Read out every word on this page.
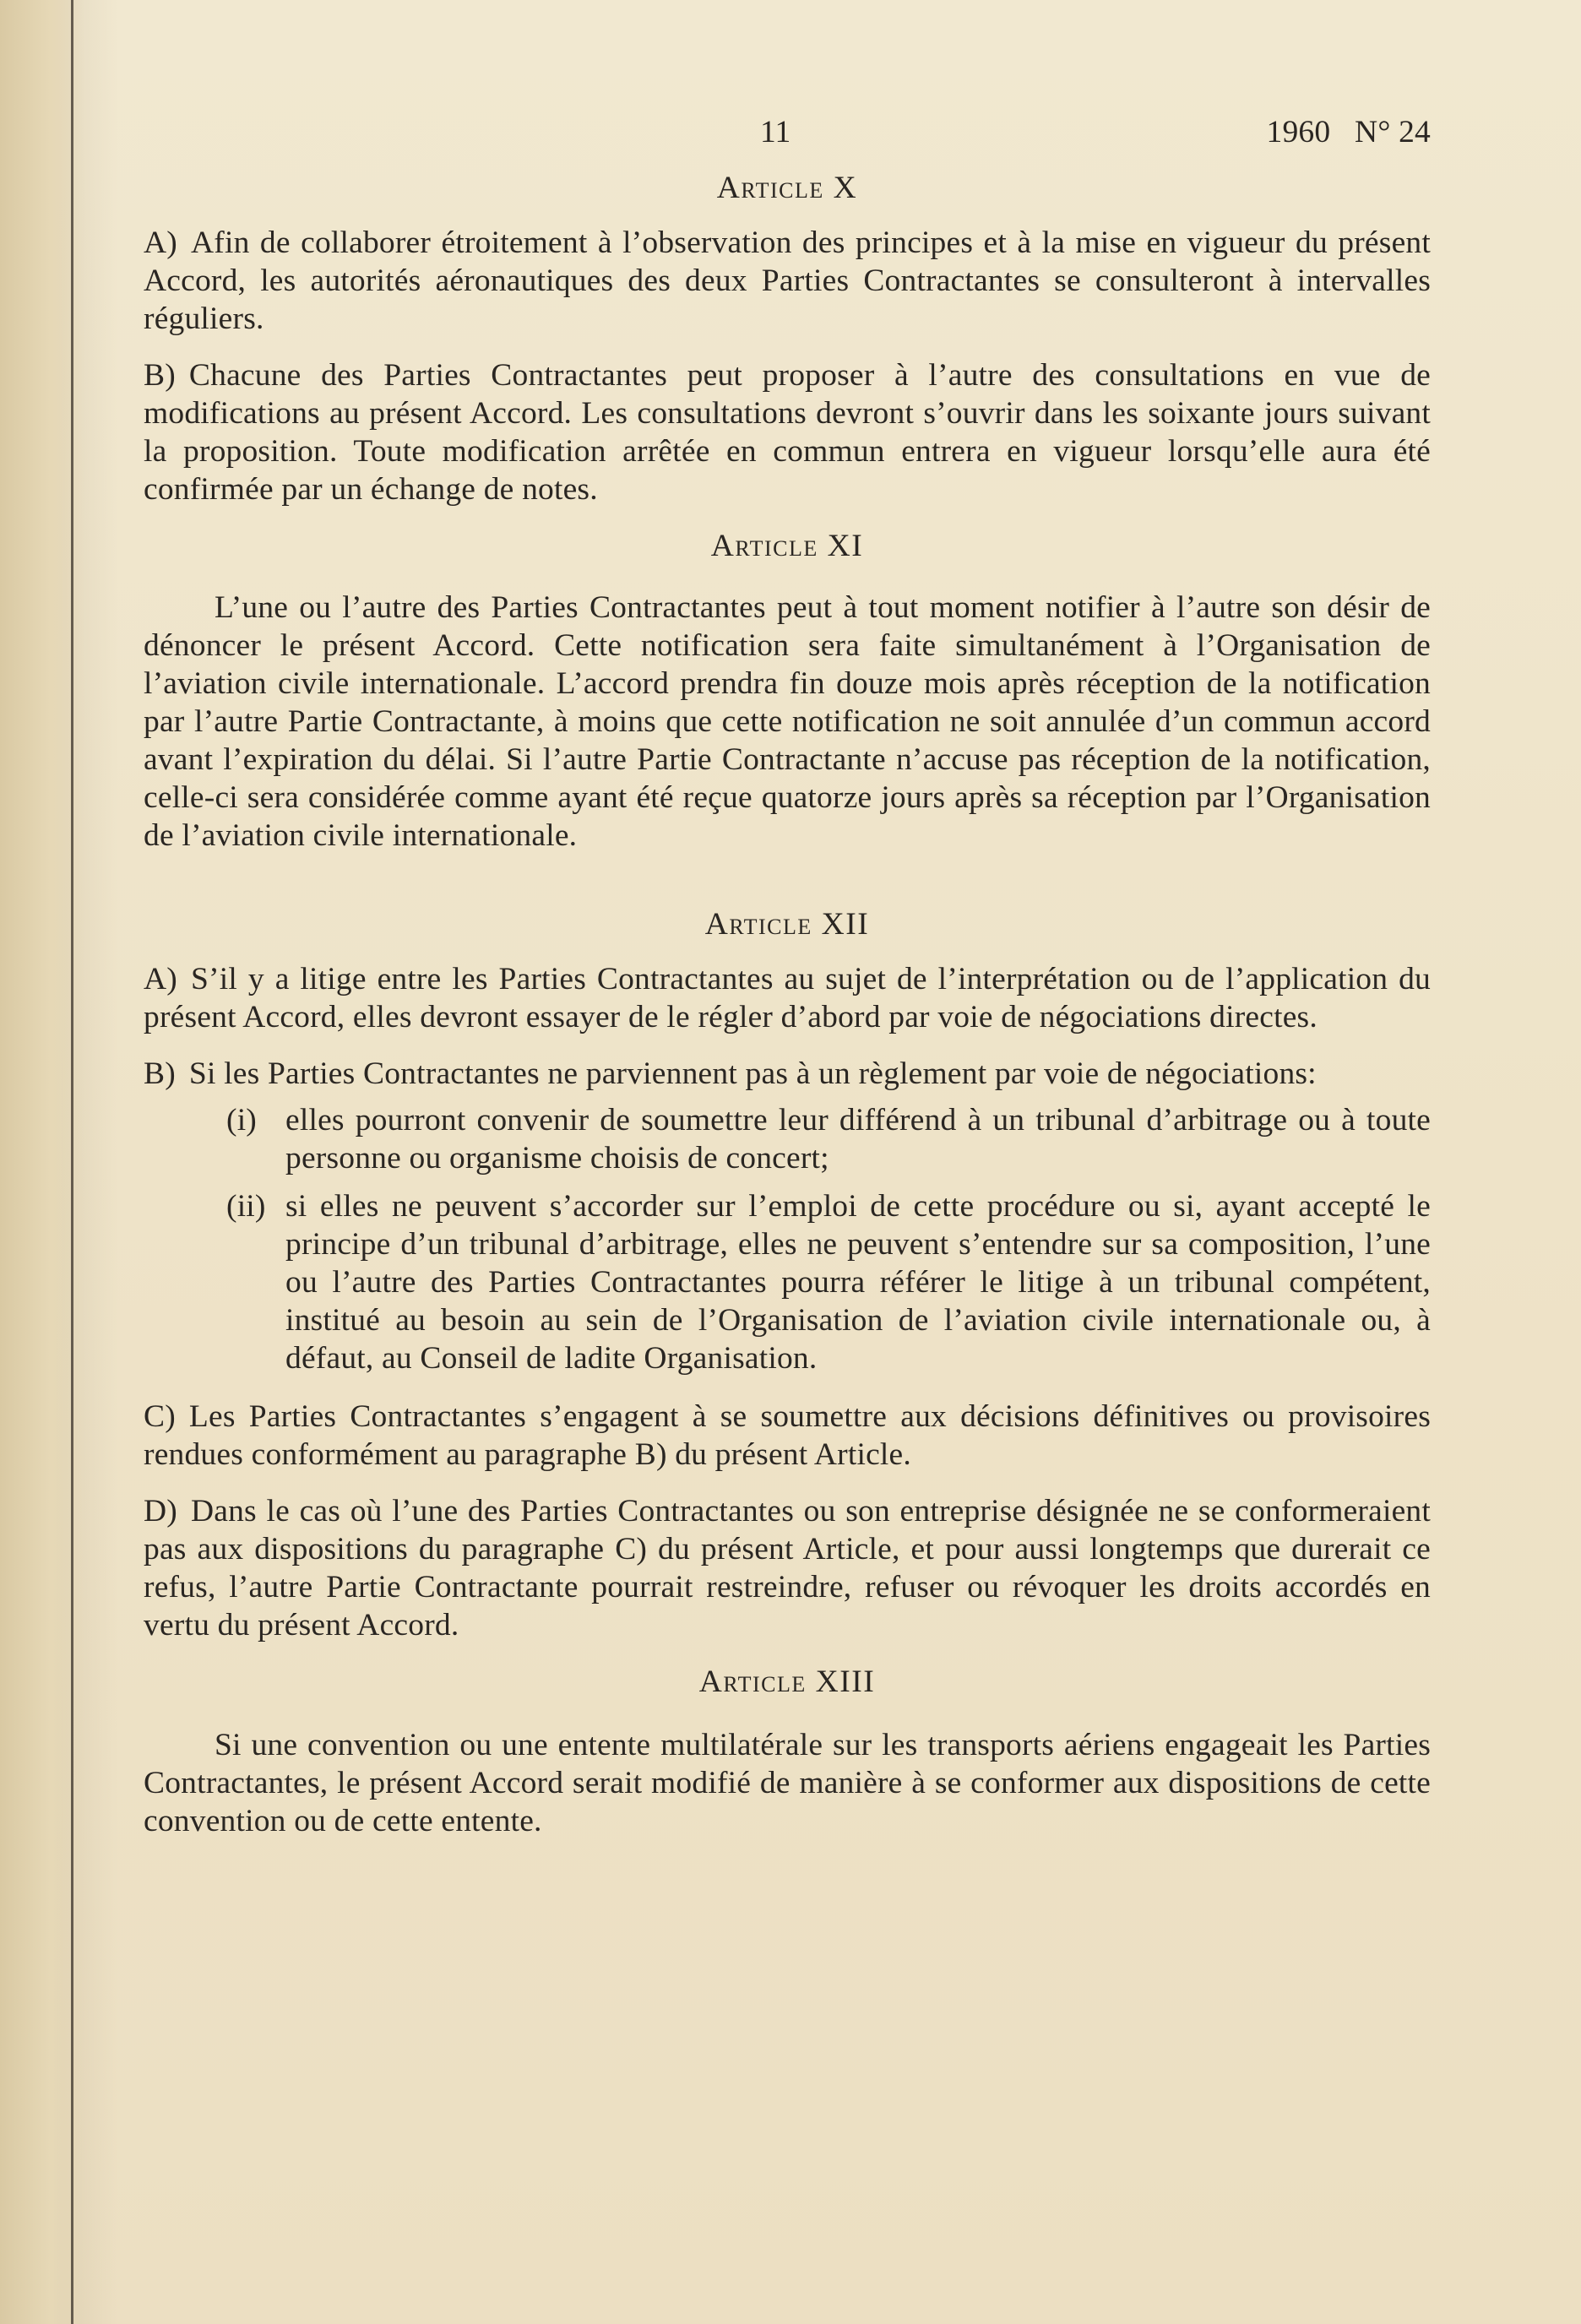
11	1960   N° 24
Article X

A) Afin de collaborer étroitement à l’observation des principes et à la mise en vigueur du présent Accord, les autorités aéronautiques des deux Parties Contractantes se consulteront à intervalles réguliers.

B) Chacune des Parties Contractantes peut proposer à l’autre des consultations en vue de modifications au présent Accord. Les consultations devront s’ouvrir dans les soixante jours suivant la proposition. Toute modification arrêtée en commun entrera en vigueur lorsqu’elle aura été confirmée par un échange de notes.

Article XI

L’une ou l’autre des Parties Contractantes peut à tout moment notifier à l’autre son désir de dénoncer le présent Accord. Cette notification sera faite simultanément à l’Organisation de l’aviation civile internationale. L’accord prendra fin douze mois après réception de la notification par l’autre Partie Contractante, à moins que cette notification ne soit annulée d’un commun accord avant l’expiration du délai. Si l’autre Partie Contractante n’accuse pas réception de la notification, celle-ci sera considérée comme ayant été reçue quatorze jours après sa réception par l’Organisation de l’aviation civile internationale.

Article XII

A) S’il y a litige entre les Parties Contractantes au sujet de l’interprétation ou de l’application du présent Accord, elles devront essayer de le régler d’abord par voie de négociations directes.

B) Si les Parties Contractantes ne parviennent pas à un règlement par voie de négociations:

(i) elles pourront convenir de soumettre leur différend à un tribunal d’arbitrage ou à toute personne ou organisme choisis de concert;
(ii) si elles ne peuvent s’accorder sur l’emploi de cette procédure ou si, ayant accepté le principe d’un tribunal d’arbitrage, elles ne peuvent s’entendre sur sa composition, l’une ou l’autre des Parties Contractantes pourra référer le litige à un tribunal compétent, institué au besoin au sein de l’Organisation de l’aviation civile internationale ou, à défaut, au Conseil de ladite Organisation.

C) Les Parties Contractantes s’engagent à se soumettre aux décisions définitives ou provisoires rendues conformément au paragraphe B) du présent Article.

D) Dans le cas où l’une des Parties Contractantes ou son entreprise désignée ne se conformeraient pas aux dispositions du paragraphe C) du présent Article, et pour aussi longtemps que durerait ce refus, l’autre Partie Contractante pourrait restreindre, refuser ou révoquer les droits accordés en vertu du présent Accord.

Article XIII

Si une convention ou une entente multilatérale sur les transports aériens engageait les Parties Contractantes, le présent Accord serait modifié de manière à se conformer aux dispositions de cette convention ou de cette entente.
